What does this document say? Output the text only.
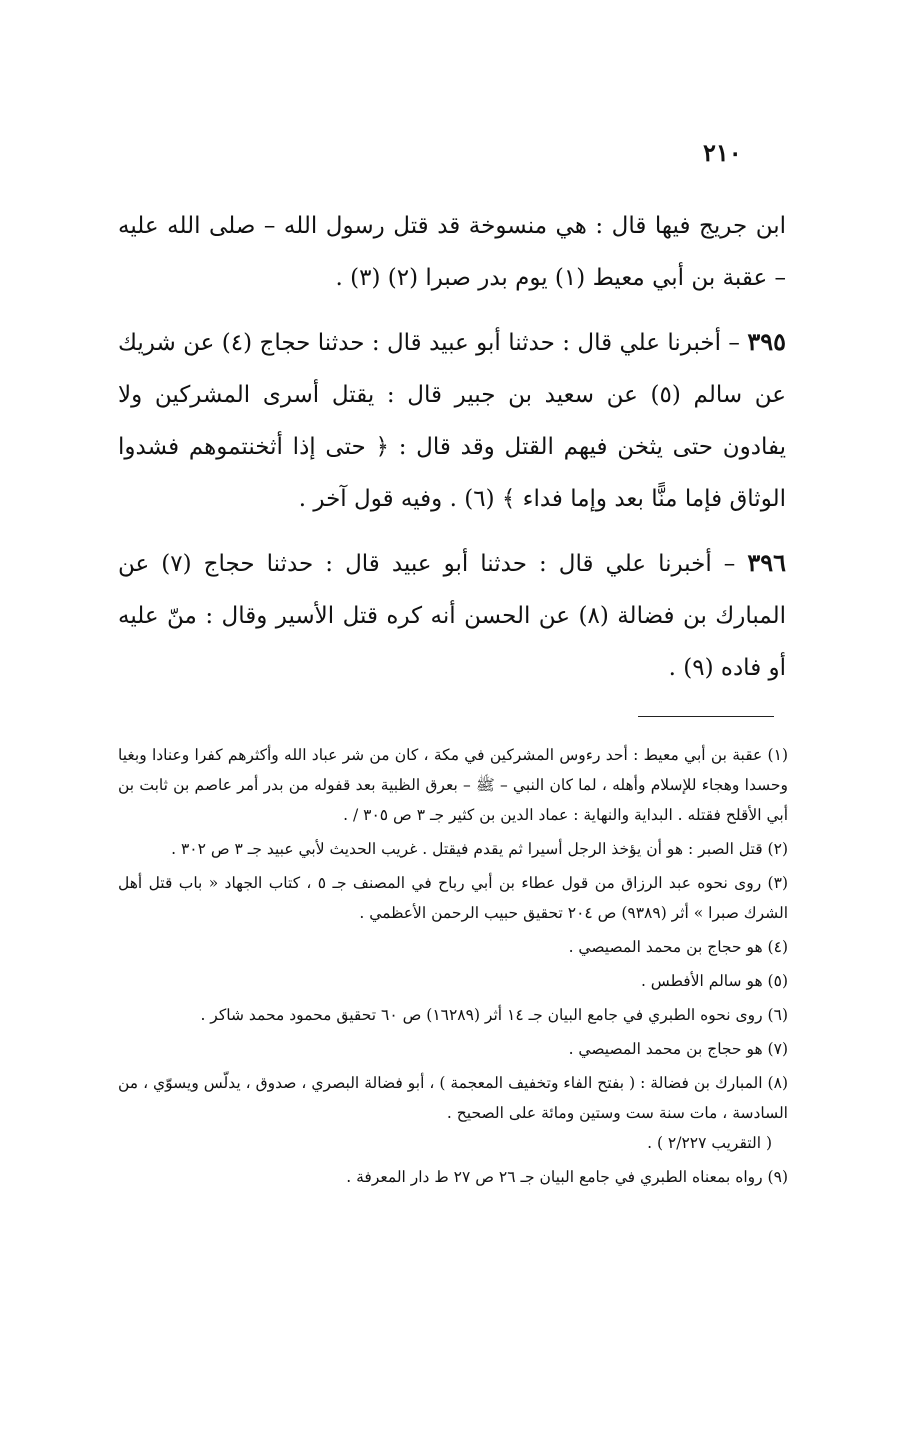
٢١٠

ابن جريج فيها قال : هي منسوخة قد قتل رسول الله – صلى الله عليه – عقبة بن أبي معيط (١) يوم بدر صبرا (٢) (٣) .

٣٩٥ – أخبرنا علي قال : حدثنا أبو عبيد قال : حدثنا حجاج (٤) عن شريك عن سالم (٥) عن سعيد بن جبير قال : يقتل أسرى المشركين ولا يفادون حتى يثخن فيهم القتل وقد قال : ﴿ حتى إذا أثخنتموهم فشدوا الوثاق فإما منًّا بعد وإما فداء ﴾ (٦) . وفيه قول آخر .

٣٩٦ – أخبرنا علي قال : حدثنا أبو عبيد قال : حدثنا حجاج (٧) عن المبارك بن فضالة (٨) عن الحسن أنه كره قتل الأسير وقال : منّ عليه أو فاده (٩) .

(١) عقبة بن أبي معيط : أحد رءوس المشركين في مكة ، كان من شر عباد الله وأكثرهم كفرا وعنادا وبغيا وحسدا وهجاء للإسلام وأهله ، لما كان النبي – ﷺ – بعرق الظبية بعد قفوله من بدر أمر عاصم بن ثابت بن أبي الأقلح فقتله . البداية والنهاية : عماد الدين بن كثير جـ ٣ ص ٣٠٥ / .

(٢) قتل الصبر : هو أن يؤخذ الرجل أسيرا ثم يقدم فيقتل . غريب الحديث لأبي عبيد جـ ٣ ص ٣٠٢ .

(٣) روى نحوه عبد الرزاق من قول عطاء بن أبي رباح في المصنف جـ ٥ ، كتاب الجهاد « باب قتل أهل الشرك صبرا » أثر (٩٣٨٩) ص ٢٠٤ تحقيق حبيب الرحمن الأعظمي .

(٤) هو حجاج بن محمد المصيصي .

(٥) هو سالم الأفطس .

(٦) روى نحوه الطبري في جامع البيان جـ ١٤ أثر (١٦٢٨٩) ص ٦٠ تحقيق محمود محمد شاكر .

(٧) هو حجاج بن محمد المصيصي .

(٨) المبارك بن فضالة : ( بفتح الفاء وتخفيف المعجمة ) ، أبو فضالة البصري ، صدوق ، يدلّس ويسوّي ، من السادسة ، مات سنة ست وستين ومائة على الصحيح .
( التقريب ٢/٢٢٧ ) .

(٩) رواه بمعناه الطبري في جامع البيان جـ ٢٦ ص ٢٧ ط دار المعرفة .
